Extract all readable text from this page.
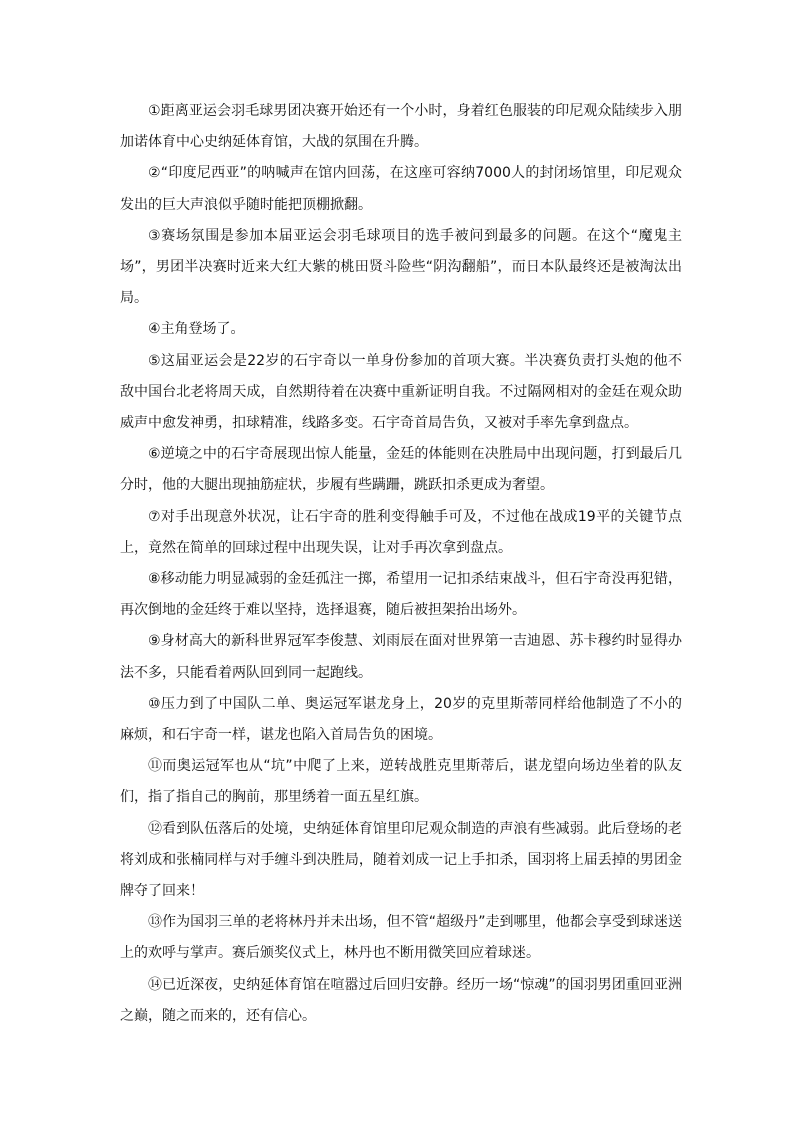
①距离亚运会羽毛球男团决赛开始还有一个小时，身着红色服装的印尼观众陆续步入朋加诺体育中心史纳延体育馆，大战的氛围在升腾。

②“印度尼西亚”的呐喊声在馆内回荡，在这座可容纳7000人的封闭场馆里，印尼观众发出的巨大声浪似乎随时能把顶棚掀翻。

③赛场氛围是参加本届亚运会羽毛球项目的选手被问到最多的问题。在这个“魔鬼主场”，男团半决赛时近来大红大紫的桃田贤斗险些“阴沟翻船”，而日本队最终还是被淘汰出局。

④主角登场了。

⑤这届亚运会是22岁的石宇奇以一单身份参加的首项大赛。半决赛负责打头炮的他不敌中国台北老将周天成，自然期待着在决赛中重新证明自我。不过隔网相对的金廷在观众助威声中愈发神勇，扣球精准，线路多变。石宇奇首局告负，又被对手率先拿到盘点。

⑥逆境之中的石宇奇展现出惊人能量，金廷的体能则在决胜局中出现问题，打到最后几分时，他的大腿出现抽筋症状，步履有些蹒跚，跳跃扣杀更成为奢望。

⑦对手出现意外状况，让石宇奇的胜利变得触手可及，不过他在战成19平的关键节点上，竟然在简单的回球过程中出现失误，让对手再次拿到盘点。

⑧移动能力明显减弱的金廷孤注一掷，希望用一记扣杀结束战斗，但石宇奇没再犯错，再次倒地的金廷终于难以坚持，选择退赛，随后被担架抬出场外。

⑨身材高大的新科世界冠军李俊慧、刘雨辰在面对世界第一吉迪恩、苏卡穆约时显得办法不多，只能看着两队回到同一起跑线。

⑩压力到了中国队二单、奥运冠军谌龙身上，20岁的克里斯蒂同样给他制造了不小的麻烦，和石宇奇一样，谌龙也陷入首局告负的困境。

⑪而奥运冠军也从“坑”中爬了上来，逆转战胜克里斯蒂后，谌龙望向场边坐着的队友们，指了指自己的胸前，那里绣着一面五星红旗。

⑫看到队伍落后的处境，史纳延体育馆里印尼观众制造的声浪有些减弱。此后登场的老将刘成和张楠同样与对手缠斗到决胜局，随着刘成一记上手扣杀，国羽将上届丢掉的男团金牌夺了回来！

⑬作为国羽三单的老将林丹并未出场，但不管“超级丹”走到哪里，他都会享受到球迷送上的欢呼与掌声。赛后颁奖仪式上，林丹也不断用微笑回应着球迷。

⑭已近深夜，史纳延体育馆在喧嚣过后回归安静。经历一场“惊魂”的国羽男团重回亚洲之巅，随之而来的，还有信心。
